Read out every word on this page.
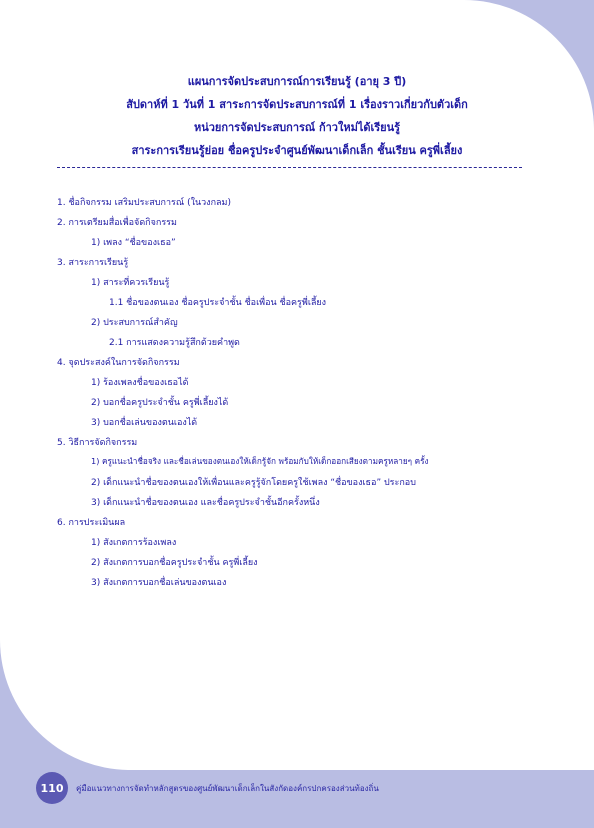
แผนการจัดประสบการณ์การเรียนรู้ (อายุ 3 ปี)
สัปดาห์ที่ 1 วันที่ 1 สาระการจัดประสบการณ์ที่ 1 เรื่องราวเกี่ยวกับตัวเด็ก
หน่วยการจัดประสบการณ์ ก้าวใหม่ได้เรียนรู้
สาระการเรียนรู้ย่อย ชื่อครูประจำศูนย์พัฒนาเด็กเล็ก ชั้นเรียน ครูพี่เลี้ยง
1. ชื่อกิจกรรม เสริมประสบการณ์ (ในวงกลม)
2. การเตรียมสื่อเพื่อจัดกิจกรรม
1) เพลง “ชื่อของเธอ”
3. สาระการเรียนรู้
1) สาระที่ควรเรียนรู้
1.1 ชื่อของตนเอง ชื่อครูประจำชั้น ชื่อเพื่อน ชื่อครูพี่เลี้ยง
2) ประสบการณ์สำคัญ
2.1 การแสดงความรู้สึกด้วยคำพูด
4. จุดประสงค์ในการจัดกิจกรรม
1) ร้องเพลงชื่อของเธอได้
2) บอกชื่อครูประจำชั้น ครูพี่เลี้ยงได้
3) บอกชื่อเล่นของตนเองได้
5. วิธีการจัดกิจกรรม
1) ครูแนะนำชื่อจริง และชื่อเล่นของตนเองให้เด็กรู้จัก พร้อมกับให้เด็กออกเสียงตามครูหลายๆ ครั้ง
2) เด็กแนะนำชื่อของตนเองให้เพื่อนและครูรู้จักโดยครูใช้เพลง “ชื่อของเธอ” ประกอบ
3) เด็กแนะนำชื่อของตนเอง และชื่อครูประจำชั้นอีกครั้งหนึ่ง
6. การประเมินผล
1) สังเกตการร้องเพลง
2) สังเกตการบอกชื่อครูประจำชั้น ครูพี่เลี้ยง
3) สังเกตการบอกชื่อเล่นของตนเอง
110	คู่มือแนวทางการจัดทำหลักสูตรของศูนย์พัฒนาเด็กเล็กในสังกัดองค์กรปกครองส่วนท้องถิ่น
